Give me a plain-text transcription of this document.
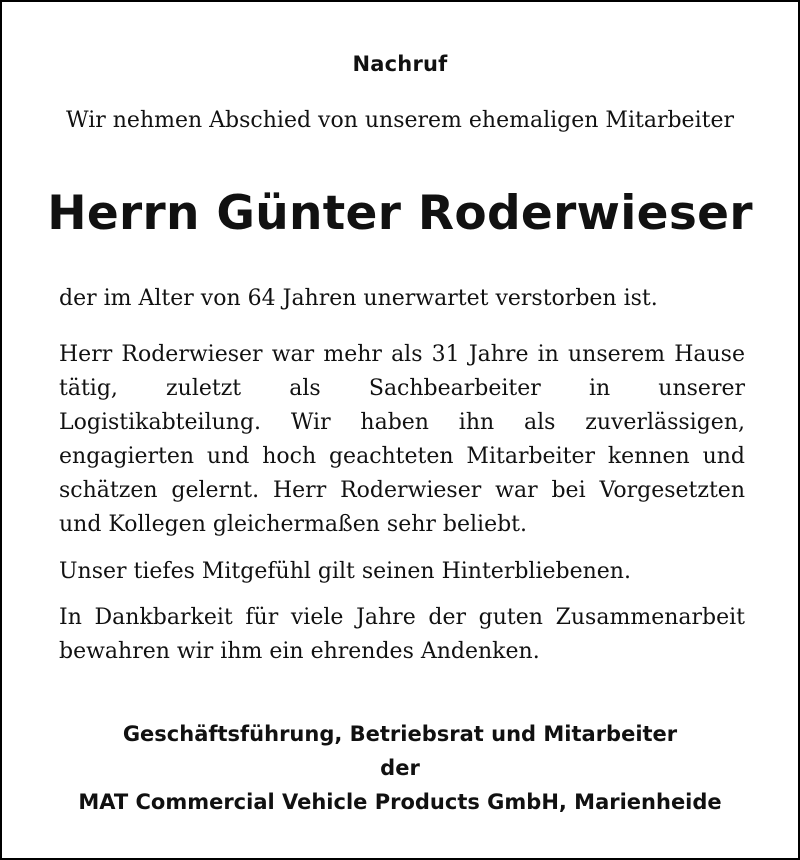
Nachruf
Wir nehmen Abschied von unserem ehemaligen Mitarbeiter
Herrn Günter Roderwieser
der im Alter von 64 Jahren unerwartet verstorben ist.
Herr Roderwieser war mehr als 31 Jahre in unserem Hause tätig, zuletzt als Sachbearbeiter in unserer Logistikabteilung. Wir haben ihn als zuverlässigen, engagierten und hoch geachteten Mitarbeiter kennen und schätzen gelernt. Herr Roderwieser war bei Vorgesetzten und Kollegen gleichermaßen sehr beliebt.
Unser tiefes Mitgefühl gilt seinen Hinterbliebenen.
In Dankbarkeit für viele Jahre der guten Zusammenarbeit bewahren wir ihm ein ehrendes Andenken.
Geschäftsführung, Betriebsrat und Mitarbeiter
der
MAT Commercial Vehicle Products GmbH, Marienheide
